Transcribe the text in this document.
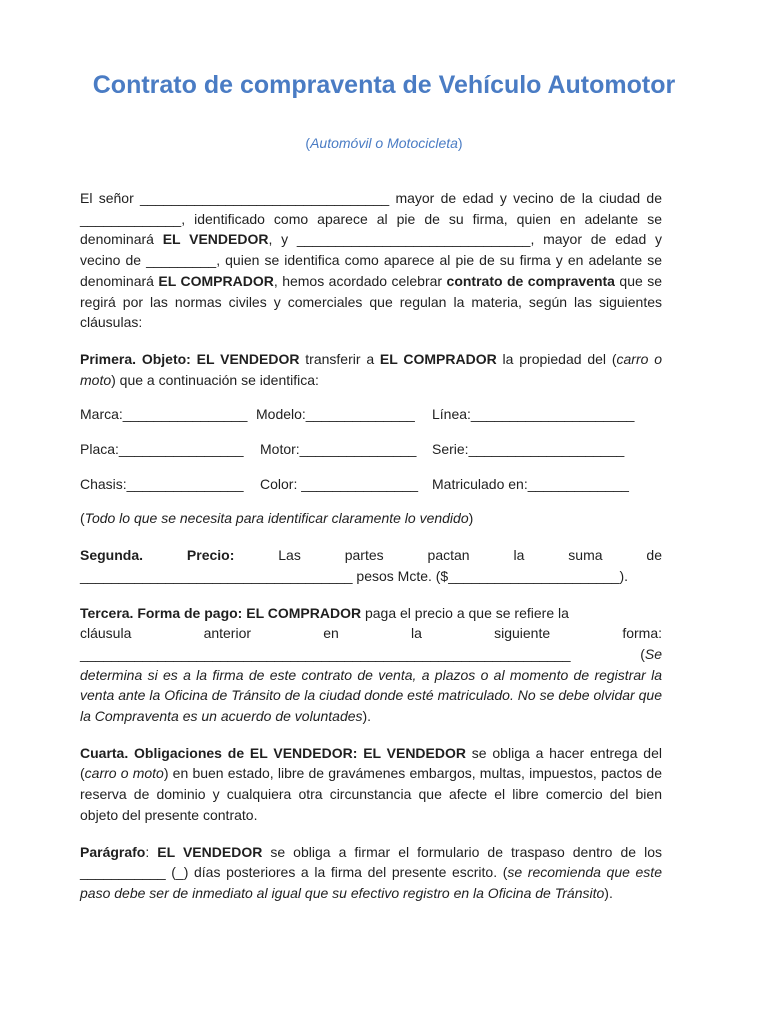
Contrato de compraventa de Vehículo Automotor
(Automóvil o Motocicleta)

El señor ________________________________ mayor de edad y vecino de la ciudad de _____________, identificado como aparece al pie de su firma, quien en adelante se denominará EL VENDEDOR, y ______________________________, mayor de edad y vecino de _________, quien se identifica como aparece al pie de su firma y en adelante se denominará EL COMPRADOR, hemos acordado celebrar contrato de compraventa que se regirá por las normas civiles y comerciales que regulan la materia, según las siguientes cláusulas:

Primera. Objeto: EL VENDEDOR transferir a EL COMPRADOR la propiedad del (carro o moto) que a continuación se identifica:

Marca:________________ Modelo:______________	Línea:_____________________
Placa:________________	Motor:_______________	Serie:____________________
Chasis:_______________	Color: _______________ Matriculado en:_____________

(Todo lo que se necesita para identificar claramente lo vendido)

Segunda.	Precio:	Las	partes	pactan	la	suma	de
___________________________________ pesos Mcte. ($______________________).
Tercera. Forma de pago: EL COMPRADOR paga el precio a que se refiere la
cláusula	anterior	en	la	siguiente	forma:
_______________________________________________________________ (Se determina si es a la firma de este contrato de venta, a plazos o al momento de registrar la venta ante la Oficina de Tránsito de la ciudad donde esté matriculado. No se debe olvidar que la Compraventa es un acuerdo de voluntades).

Cuarta. Obligaciones de EL VENDEDOR: EL VENDEDOR se obliga a hacer entrega del (carro o moto) en buen estado, libre de gravámenes embargos, multas, impuestos, pactos de reserva de dominio y cualquiera otra circunstancia que afecte el libre comercio del bien objeto del presente contrato.

Parágrafo: EL VENDEDOR se obliga a firmar el formulario de traspaso dentro de los ___________ (_) días posteriores a la firma del presente escrito. (se recomienda que este paso debe ser de inmediato al igual que su efectivo registro en la Oficina de Tránsito).
